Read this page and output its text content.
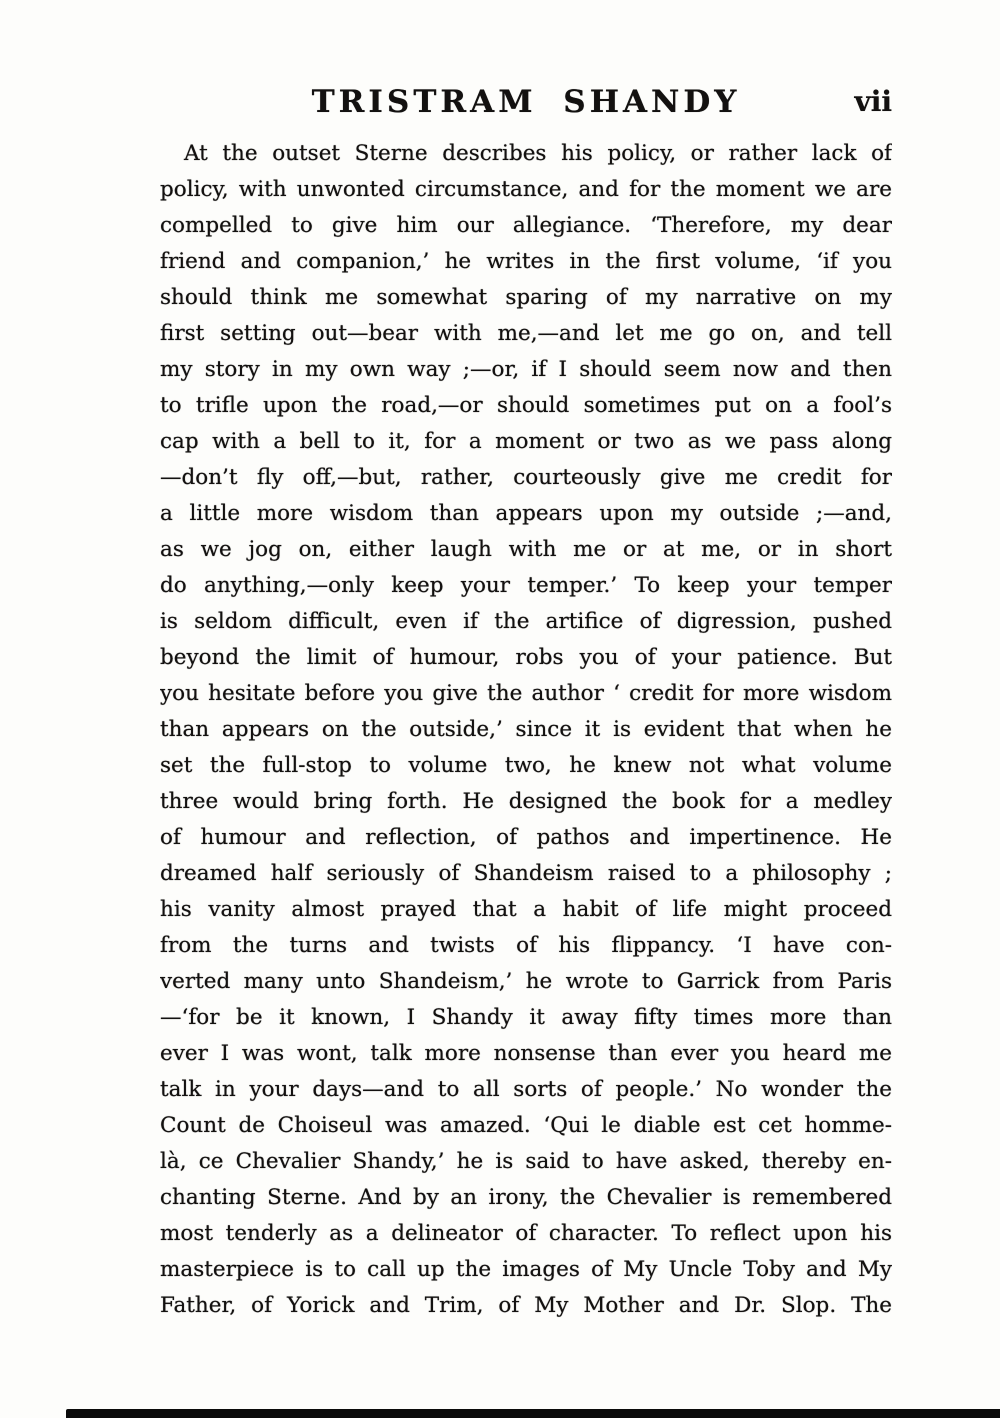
TRISTRAM SHANDY	vii
At the outset Sterne describes his policy, or rather lack of
policy, with unwonted circumstance, and for the moment we are
compelled to give him our allegiance. ‘Therefore, my dear
friend and companion,’ he writes in the first volume, ‘if you
should think me somewhat sparing of my narrative on my
first setting out—bear with me,—and let me go on, and tell
my story in my own way ;—or, if I should seem now and then
to trifle upon the road,—or should sometimes put on a fool’s
cap with a bell to it, for a moment or two as we pass along
—don’t fly off,—but, rather, courteously give me credit for
a little more wisdom than appears upon my outside ;—and,
as we jog on, either laugh with me or at me, or in short
do anything,—only keep your temper.’ To keep your temper
is seldom difficult, even if the artifice of digression, pushed
beyond the limit of humour, robs you of your patience. But
you hesitate before you give the author ‘ credit for more wisdom
than appears on the outside,’ since it is evident that when he
set the full-stop to volume two, he knew not what volume
three would bring forth. He designed the book for a medley
of humour and reflection, of pathos and impertinence. He
dreamed half seriously of Shandeism raised to a philosophy ;
his vanity almost prayed that a habit of life might proceed
from the turns and twists of his flippancy. ‘I have con-
verted many unto Shandeism,’ he wrote to Garrick from Paris
—‘for be it known, I Shandy it away fifty times more than
ever I was wont, talk more nonsense than ever you heard me
talk in your days—and to all sorts of people.’ No wonder the
Count de Choiseul was amazed. ‘Qui le diable est cet homme-
là, ce Chevalier Shandy,’ he is said to have asked, thereby en-
chanting Sterne. And by an irony, the Chevalier is remembered
most tenderly as a delineator of character. To reflect upon his
masterpiece is to call up the images of My Uncle Toby and My
Father, of Yorick and Trim, of My Mother and Dr. Slop. The
